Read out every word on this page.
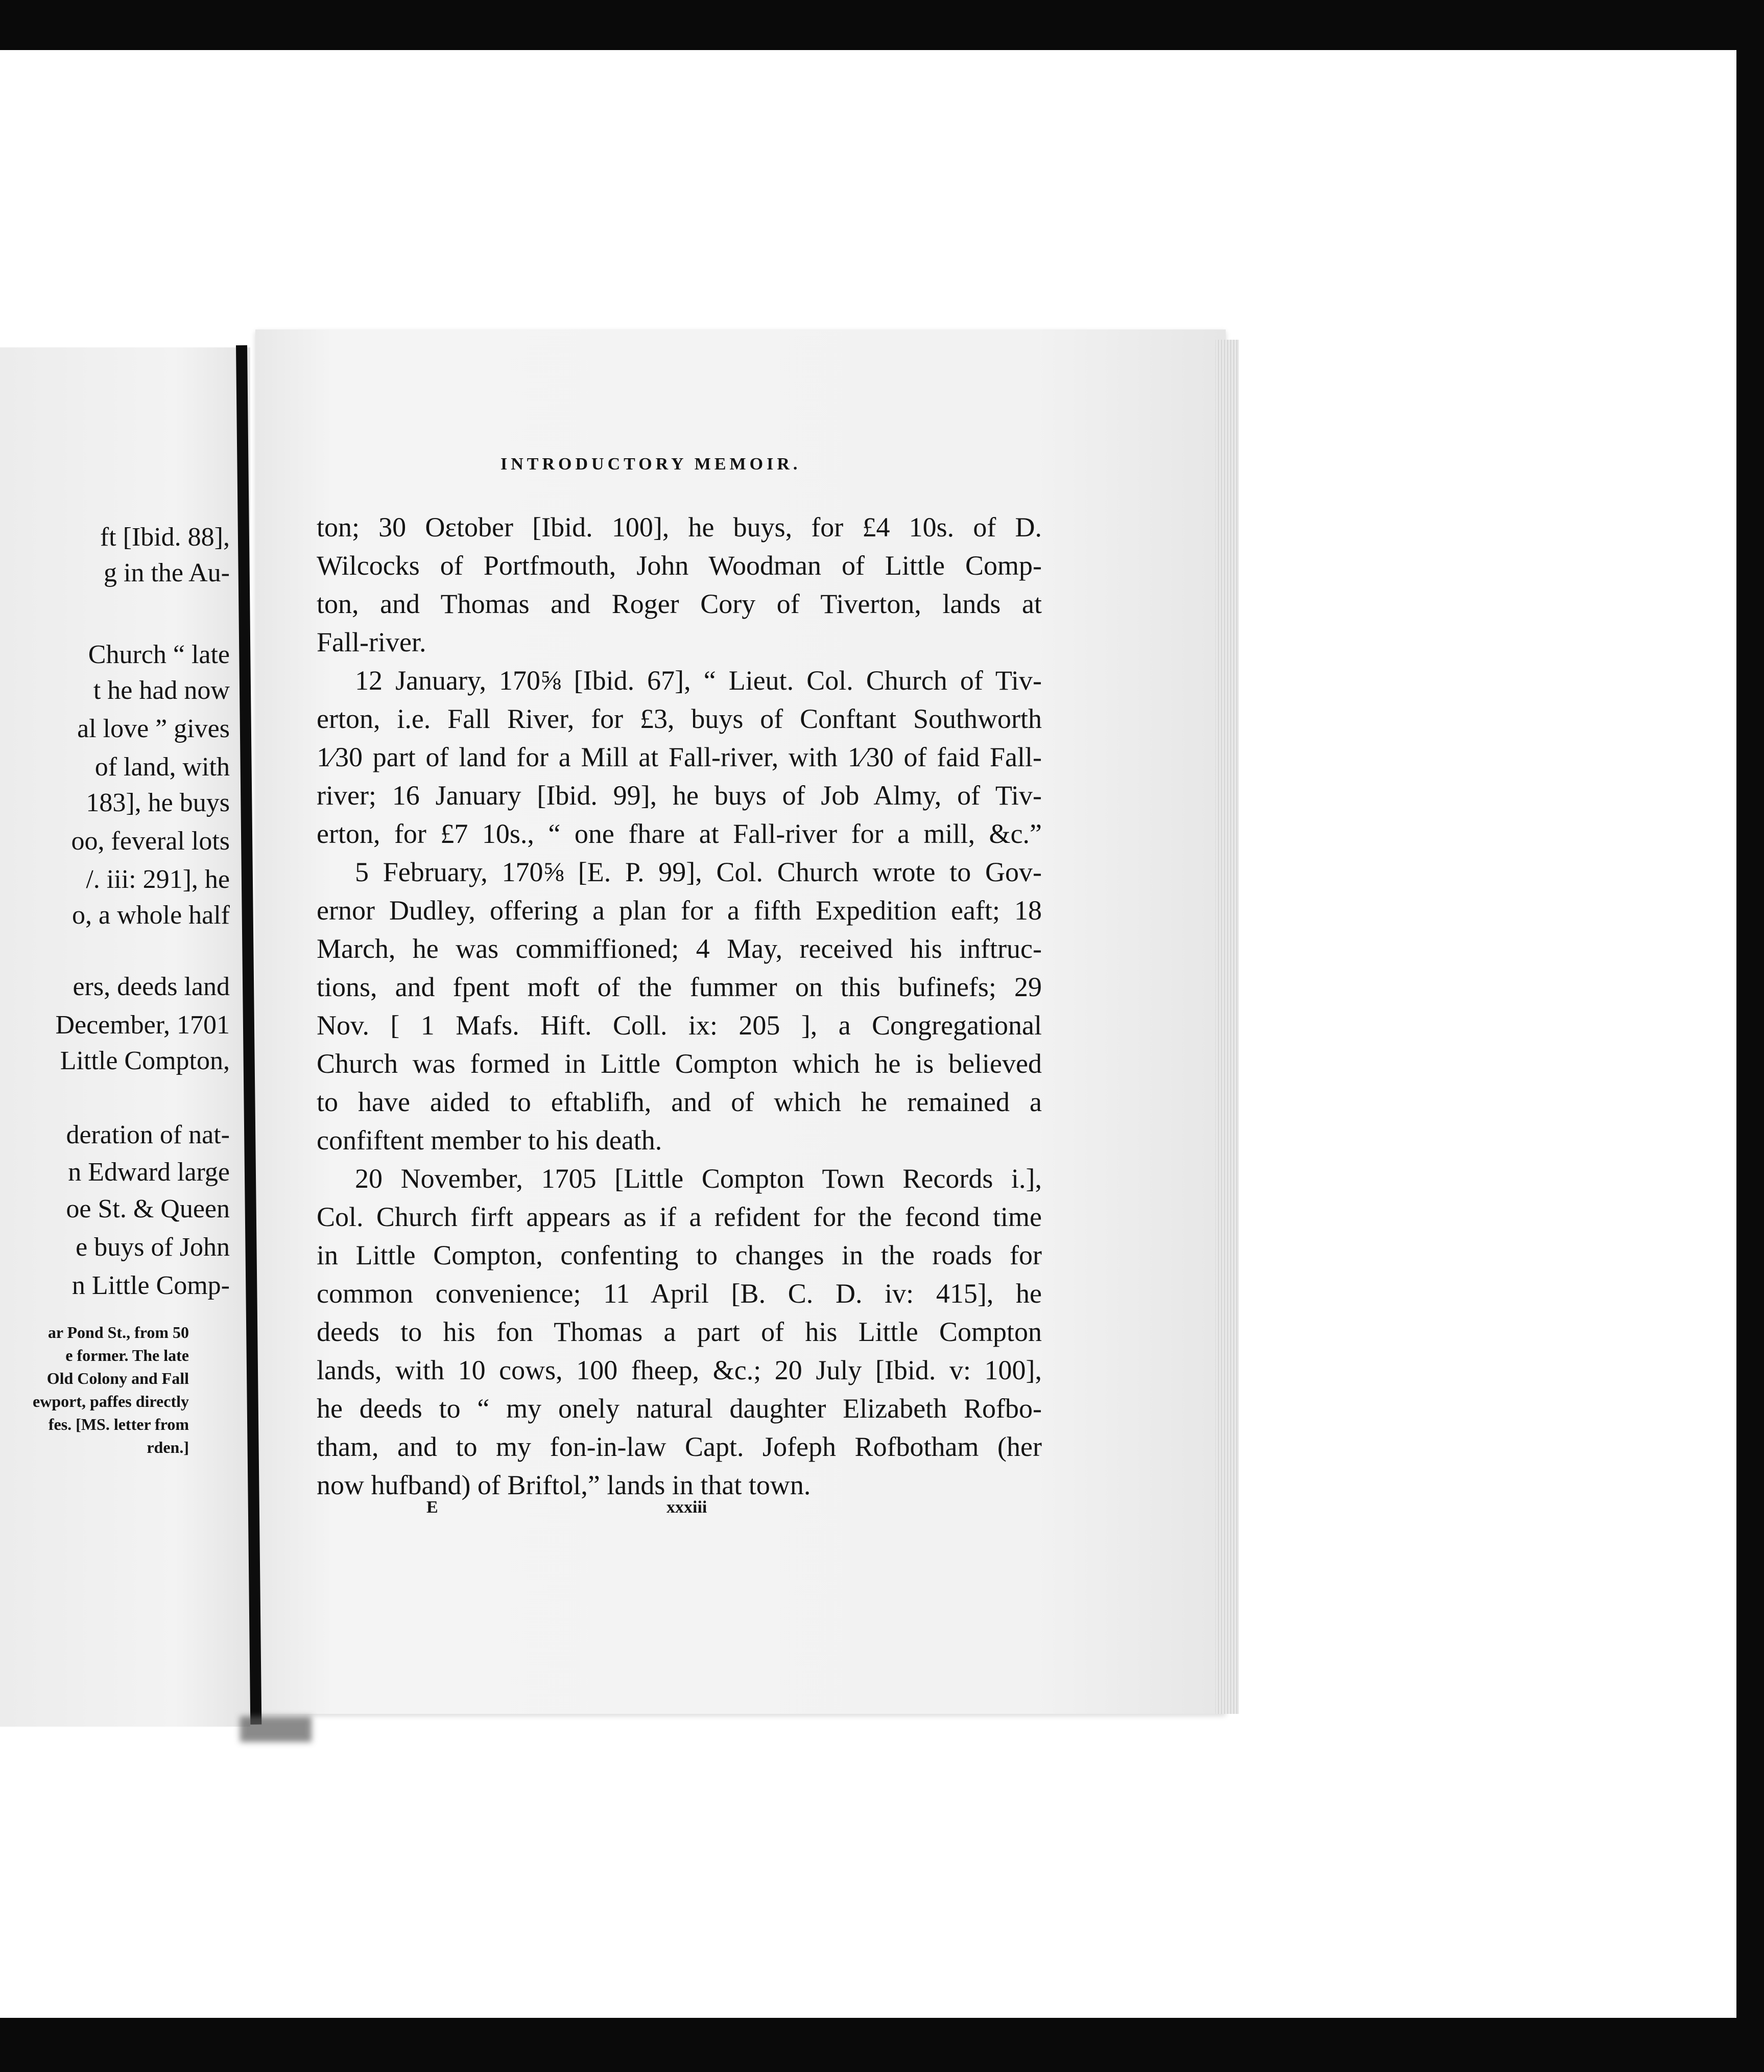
ft [Ibid. 88],
g in the Au-
Church “ late
t he had now
al love ” gives
of land, with
183], he buys
oo, feveral lots
/. iii: 291], he
o, a whole half
ers, deeds land
December, 1701
Little Compton,
deration of nat-
n Edward large
oe St. & Queen
e buys of John
n Little Comp-
ar Pond St., from 50
e former. The late
Old Colony and Fall
ewport, paffes directly
fes. [MS. letter from
rden.]
INTRODUCTORY MEMOIR.
ton; 30 Oɛtober [Ibid. 100], he buys, for £4 10s. of D.
Wilcocks of Portfmouth, John Woodman of Little Comp-
ton, and Thomas and Roger Cory of Tiverton, lands at
Fall-river.
12 January, 170⅝ [Ibid. 67], “ Lieut. Col. Church of Tiv-
erton, i.e. Fall River, for £3, buys of Conftant Southworth
1⁄30 part of land for a Mill at Fall-river, with 1⁄30 of faid Fall-
river; 16 January [Ibid. 99], he buys of Job Almy, of Tiv-
erton, for £7 10s., “ one fhare at Fall-river for a mill, &c.”
5 February, 170⅝ [E. P. 99], Col. Church wrote to Gov-
ernor Dudley, offering a plan for a fifth Expedition eaft; 18
March, he was commiffioned; 4 May, received his inftruc-
tions, and fpent moft of the fummer on this bufinefs; 29
Nov. [ 1 Mafs. Hift. Coll. ix: 205 ], a Congregational
Church was formed in Little Compton which he is believed
to have aided to eftablifh, and of which he remained a
confiftent member to his death.
20 November, 1705 [Little Compton Town Records i.],
Col. Church firft appears as if a refident for the fecond time
in Little Compton, confenting to changes in the roads for
common convenience; 11 April [B. C. D. iv: 415], he
deeds to his fon Thomas a part of his Little Compton
lands, with 10 cows, 100 fheep, &c.; 20 July [Ibid. v: 100],
he deeds to “ my onely natural daughter Elizabeth Rofbo-
tham, and to my fon-in-law Capt. Jofeph Rofbotham (her
now hufband) of Briftol,” lands in that town.
E	xxxiii
